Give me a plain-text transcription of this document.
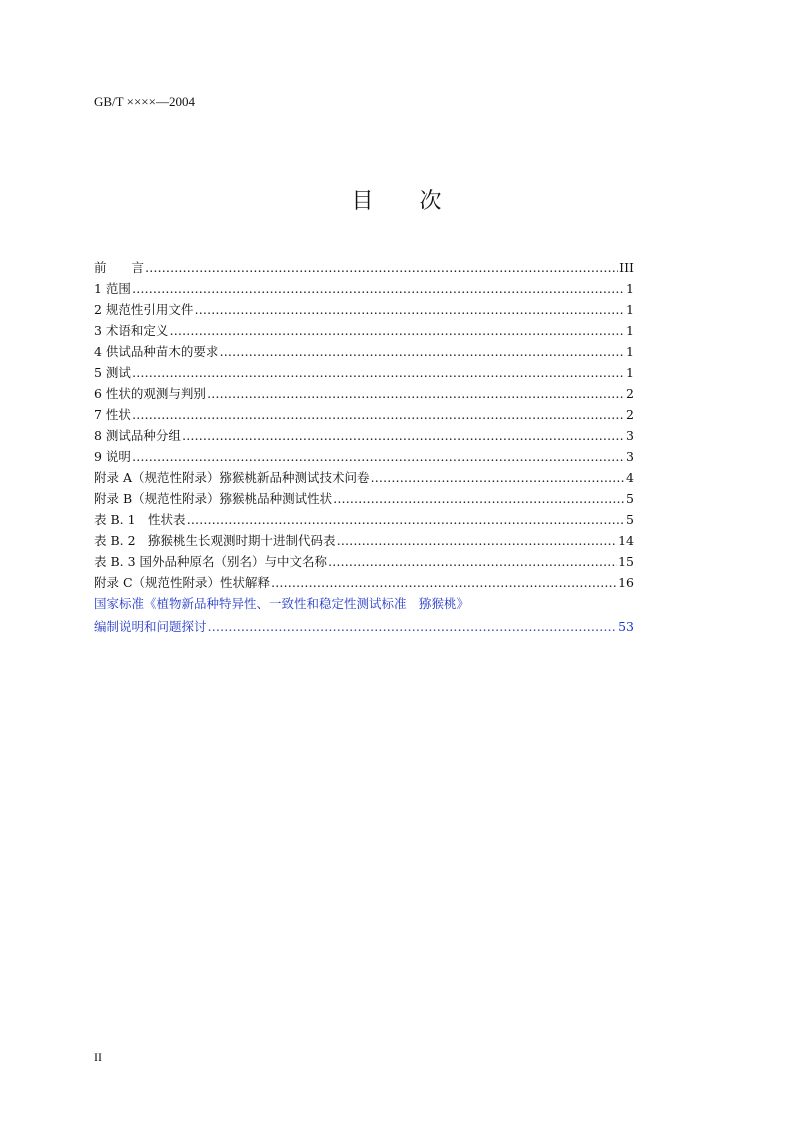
GB/T ××××—2004
目次
前　　言 …………………………………………………………………………………………………………………………………………………………………………	III
1 范围 …………………………………………………………………………………………………………………………………………………………………………	1
2 规范性引用文件 …………………………………………………………………………………………………………………………………………………………………………	1
3 术语和定义 …………………………………………………………………………………………………………………………………………………………………………	1
4 供试品种苗木的要求 …………………………………………………………………………………………………………………………………………………………………………	1
5 测试 …………………………………………………………………………………………………………………………………………………………………………	1
6 性状的观测与判别 …………………………………………………………………………………………………………………………………………………………………………	2
7 性状 …………………………………………………………………………………………………………………………………………………………………………	2
8 测试品种分组 …………………………………………………………………………………………………………………………………………………………………………	3
9 说明 …………………………………………………………………………………………………………………………………………………………………………	3
附录 A（规范性附录）猕猴桃新品种测试技术问卷 …………………………………………………………………………………………………………………………………………………………………………	4
附录 B（规范性附录）猕猴桃品种测试性状 …………………………………………………………………………………………………………………………………………………………………………	5
表 B. 1　性状表 …………………………………………………………………………………………………………………………………………………………………………	5
表 B. 2　猕猴桃生长观测时期十进制代码表 …………………………………………………………………………………………………………………………………………………………………………	14
表 B. 3 国外品种原名（别名）与中文名称 …………………………………………………………………………………………………………………………………………………………………………	15
附录 C（规范性附录）性状解释 …………………………………………………………………………………………………………………………………………………………………………	16
国家标准《植物新品种特异性、一致性和稳定性测试标准　猕猴桃》
编制说明和问题探讨 …………………………………………………………………………………………………………………………………………………………………………	53
II
